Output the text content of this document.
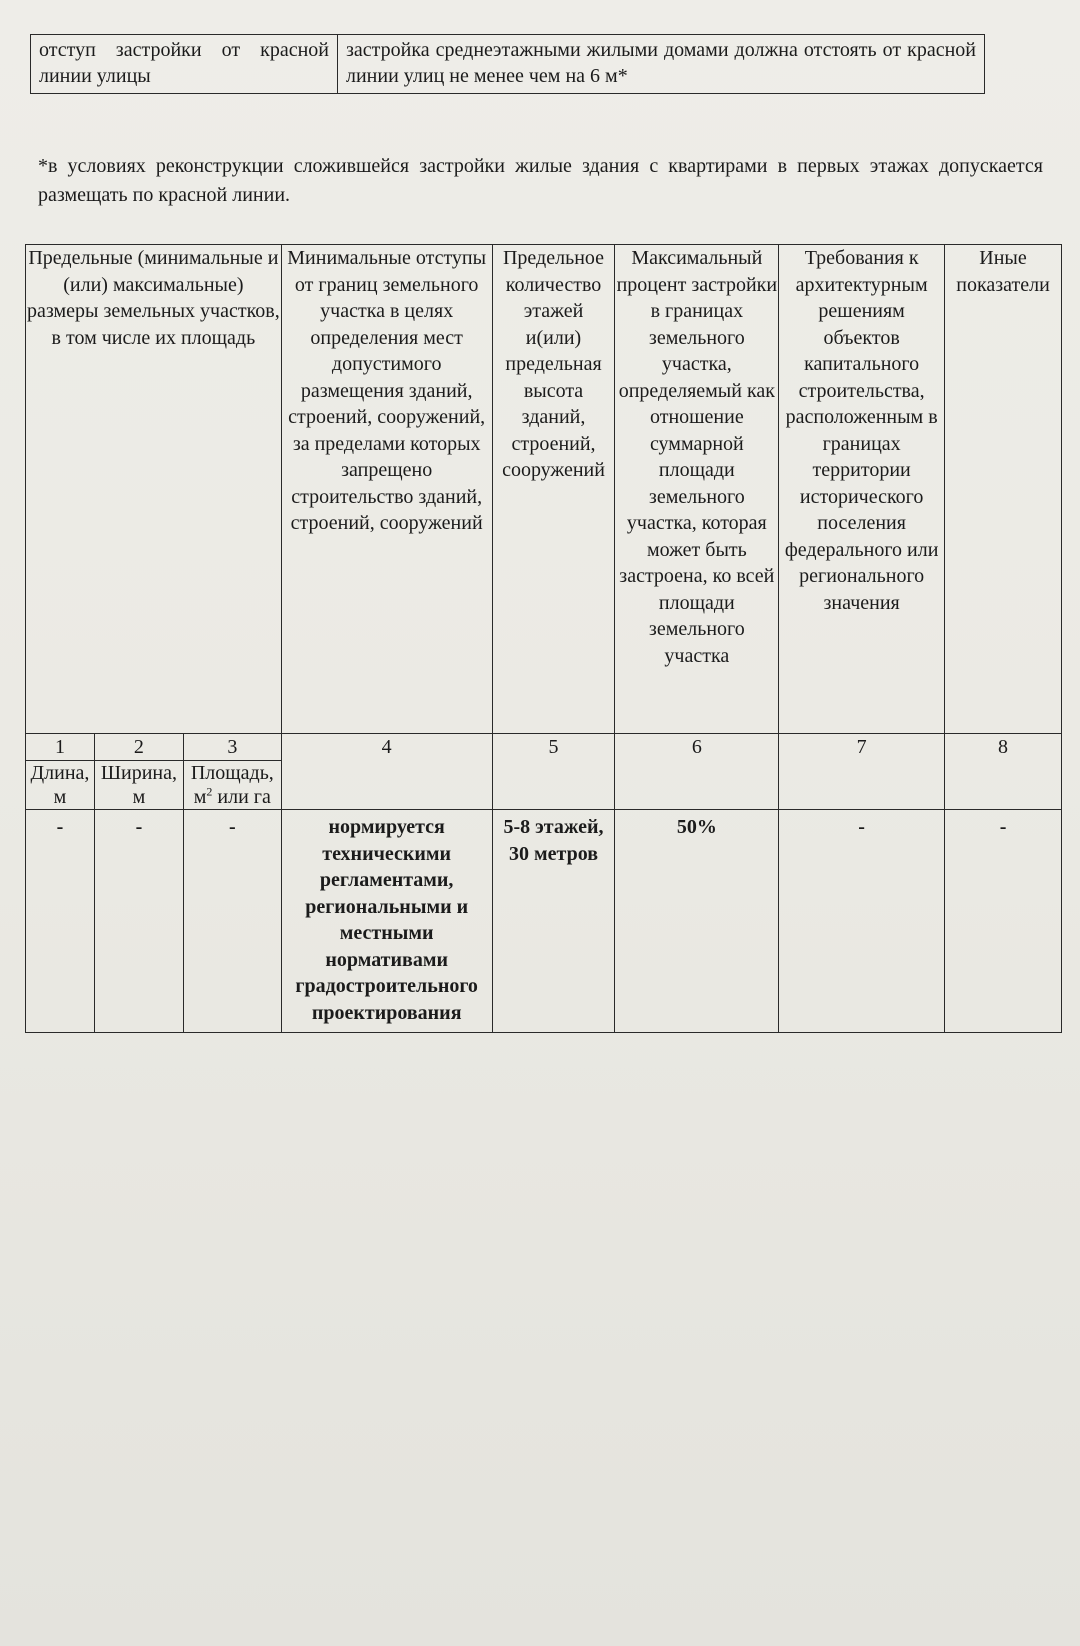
отступ застройки от красной линии улицы	застройка среднеэтажными жилыми домами должна отстоять от красной линии улиц не менее чем на 6 м*
*в условиях реконструкции сложившейся застройки жилые здания с квартирами в первых этажах допускается размещать по красной линии.
Предельные (минимальные и (или) максимальные) размеры земельных участков, в том числе их площадь			Минимальные отступы от границ земельного участка в целях определения мест допустимого размещения зданий, строений, сооружений, за пределами которых запрещено строительство зданий, строений, сооружений	Предельное количество этажей и(или) предельная высота зданий, строений, сооружений	Максимальный процент застройки в границах земельного участка, определяемый как отношение суммарной площади земельного участка, которая может быть застроена, ко всей площади земельного участка	Требования к архитектурным решениям объектов капитального строительства, расположенным в границах территории исторического поселения федерального или регионального значения	Иные показатели
1	2	3	4	5	6	7	8
Длина, м	Ширина, м	Площадь, $м^2$ или га					
-	-	-	нормируется техническими регламентами, региональными и местными нормативами градостроительного проектирования	5-8 этажей, 30 метров	50%	-	-
